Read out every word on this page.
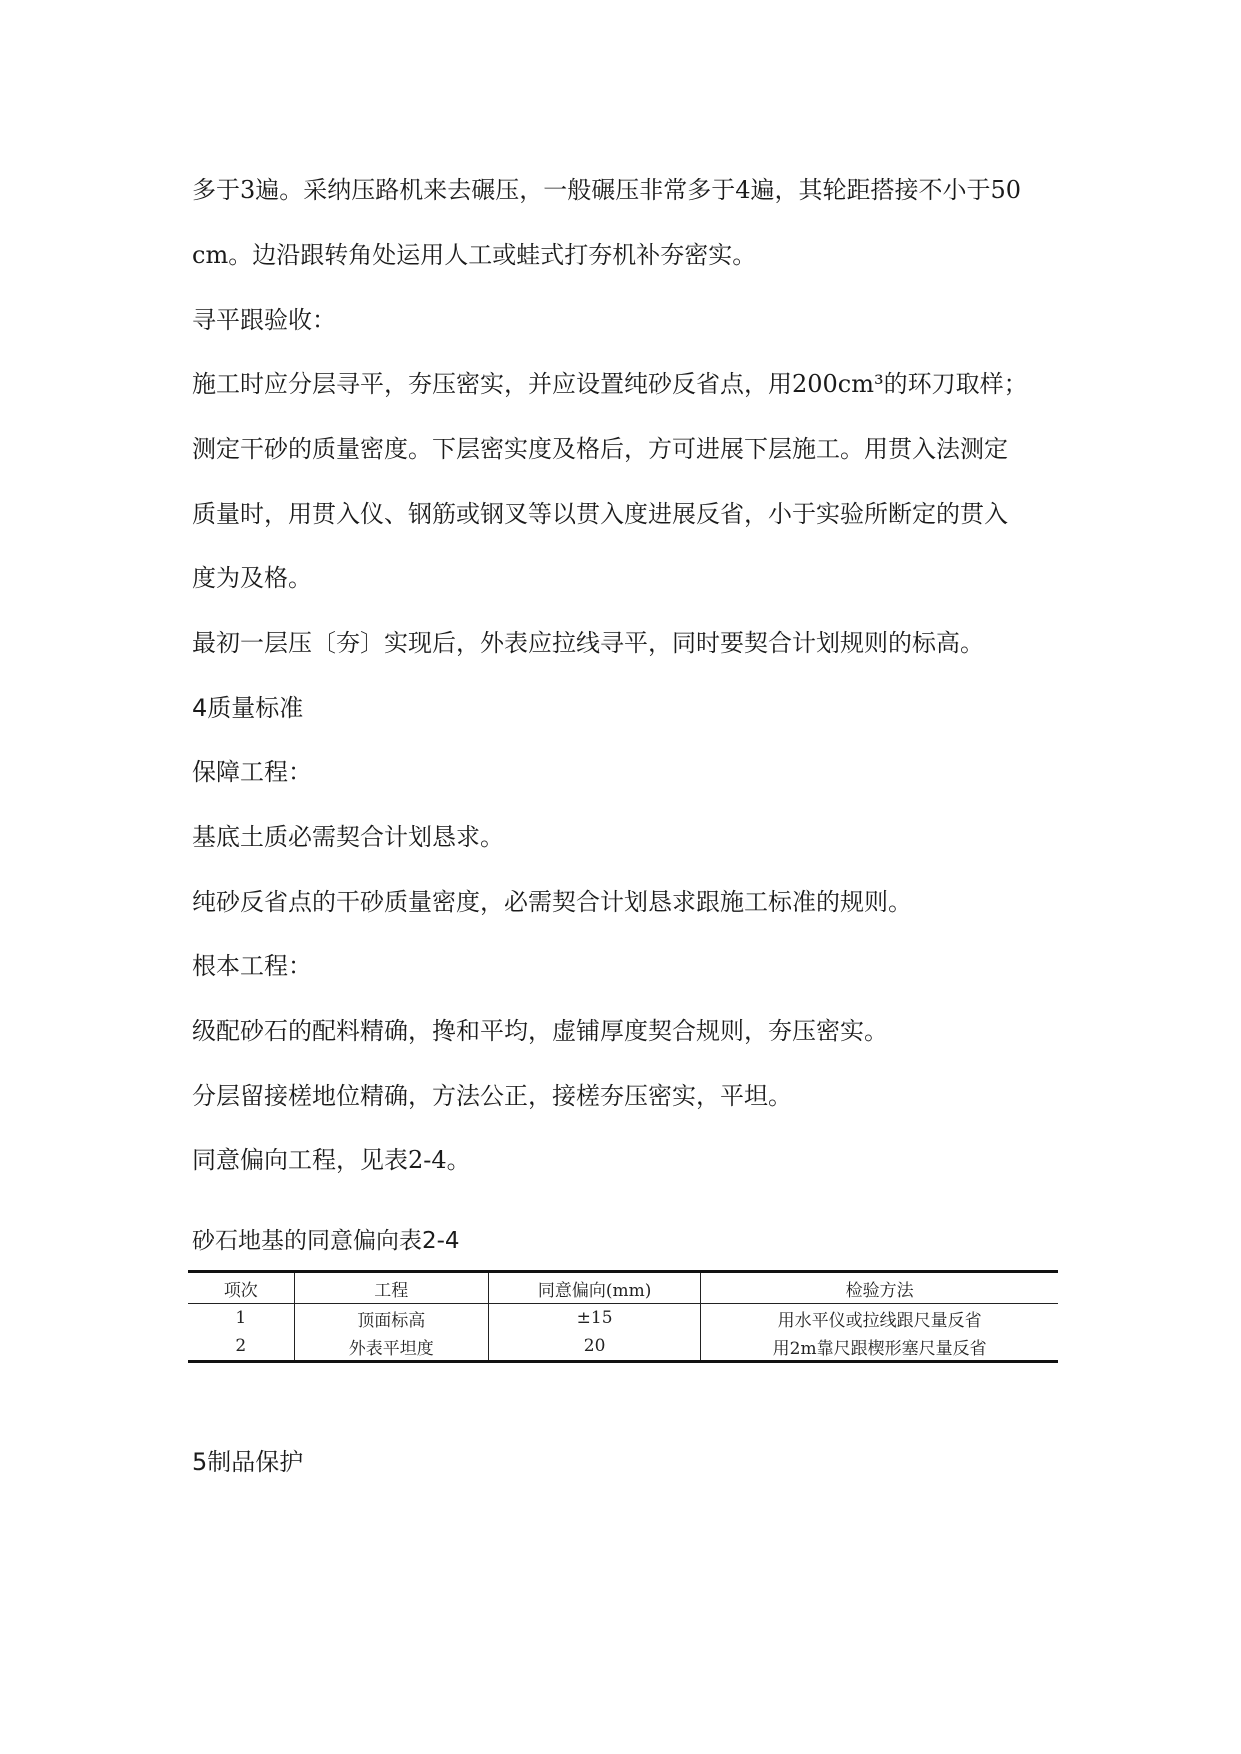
多于3遍。采纳压路机来去碾压，一般碾压非常多于4遍，其轮距搭接不小于50
cm。边沿跟转角处运用人工或蛙式打夯机补夯密实。
寻平跟验收：
施工时应分层寻平，夯压密实，并应设置纯砂反省点，用200cm³的环刀取样；
测定干砂的质量密度。下层密实度及格后，方可进展下层施工。用贯入法测定
质量时，用贯入仪、钢筋或钢叉等以贯入度进展反省，小于实验所断定的贯入
度为及格。
最初一层压〔夯〕实现后，外表应拉线寻平，同时要契合计划规则的标高。
4质量标准
保障工程：
基底土质必需契合计划恳求。
纯砂反省点的干砂质量密度，必需契合计划恳求跟施工标准的规则。
根本工程：
级配砂石的配料精确，搀和平均，虚铺厚度契合规则，夯压密实。
分层留接槎地位精确，方法公正，接槎夯压密实，平坦。
同意偏向工程，见表2-4。
砂石地基的同意偏向表2-4
项次	工程	同意偏向(mm)	检验方法
1	顶面标高	±15	用水平仪或拉线跟尺量反省
2	外表平坦度	20	用2m靠尺跟楔形塞尺量反省
5制品保护
